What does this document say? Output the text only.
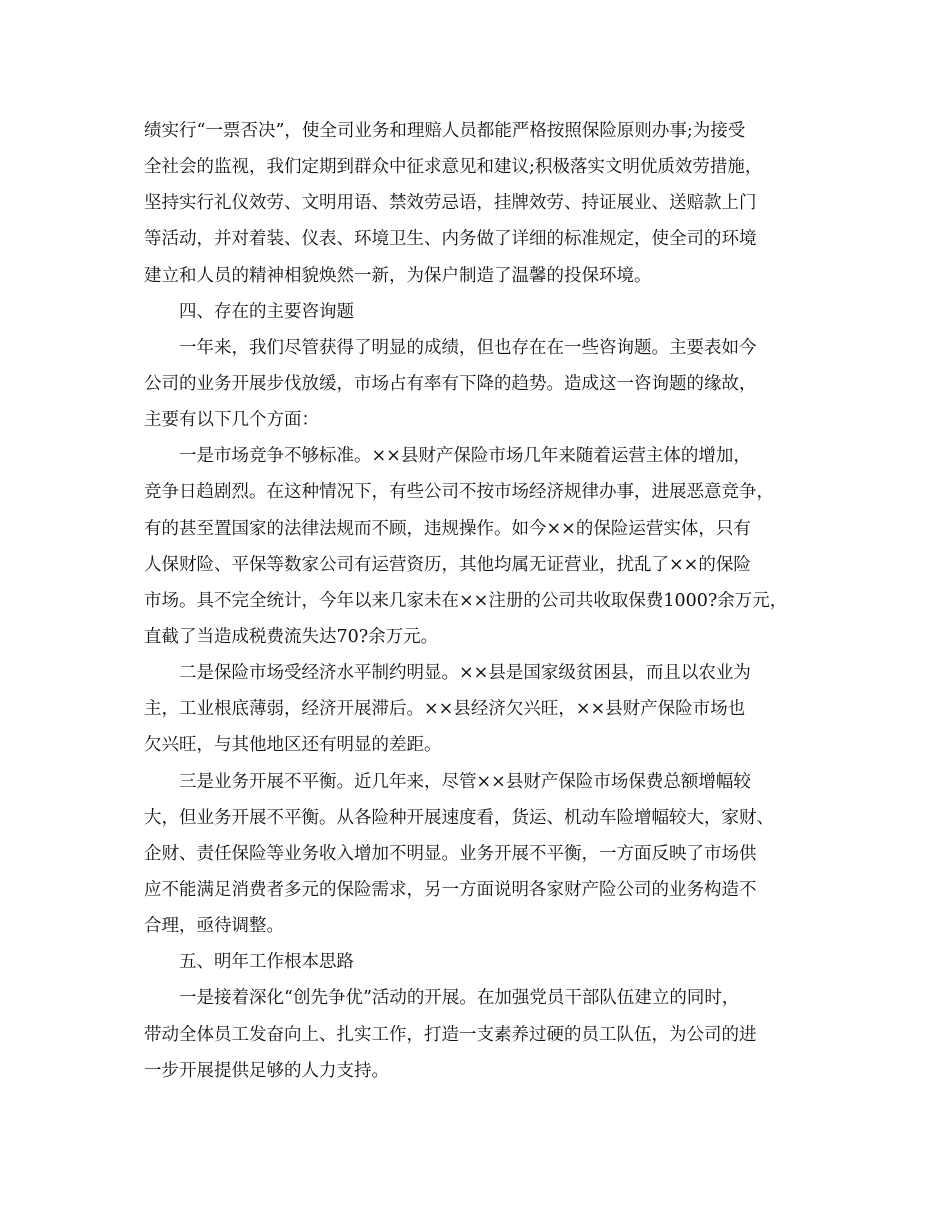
绩实行“一票否决”，使全司业务和理赔人员都能严格按照保险原则办事;为接受
全社会的监视，我们定期到群众中征求意见和建议;积极落实文明优质效劳措施，
坚持实行礼仪效劳、文明用语、禁效劳忌语，挂牌效劳、持证展业、送赔款上门
等活动，并对着装、仪表、环境卫生、内务做了详细的标准规定，使全司的环境
建立和人员的精神相貌焕然一新，为保户制造了温馨的投保环境。
四、存在的主要咨询题
一年来，我们尽管获得了明显的成绩，但也存在在一些咨询题。主要表如今
公司的业务开展步伐放缓，市场占有率有下降的趋势。造成这一咨询题的缘故，
主要有以下几个方面：
一是市场竞争不够标准。××县财产保险市场几年来随着运营主体的增加，
竞争日趋剧烈。在这种情况下，有些公司不按市场经济规律办事，进展恶意竞争，
有的甚至置国家的法律法规而不顾，违规操作。如今××的保险运营实体，只有
人保财险、平保等数家公司有运营资历，其他均属无证营业，扰乱了××的保险
市场。具不完全统计，今年以来几家未在××注册的公司共收取保费1000?余万元，
直截了当造成税费流失达70?余万元。
二是保险市场受经济水平制约明显。××县是国家级贫困县，而且以农业为
主，工业根底薄弱，经济开展滞后。××县经济欠兴旺，××县财产保险市场也
欠兴旺，与其他地区还有明显的差距。
三是业务开展不平衡。近几年来，尽管××县财产保险市场保费总额增幅较
大，但业务开展不平衡。从各险种开展速度看，货运、机动车险增幅较大，家财、
企财、责任保险等业务收入增加不明显。业务开展不平衡，一方面反映了市场供
应不能满足消费者多元的保险需求，另一方面说明各家财产险公司的业务构造不
合理，亟待调整。
五、明年工作根本思路
一是接着深化“创先争优”活动的开展。在加强党员干部队伍建立的同时，
带动全体员工发奋向上、扎实工作，打造一支素养过硬的员工队伍，为公司的进
一步开展提供足够的人力支持。
